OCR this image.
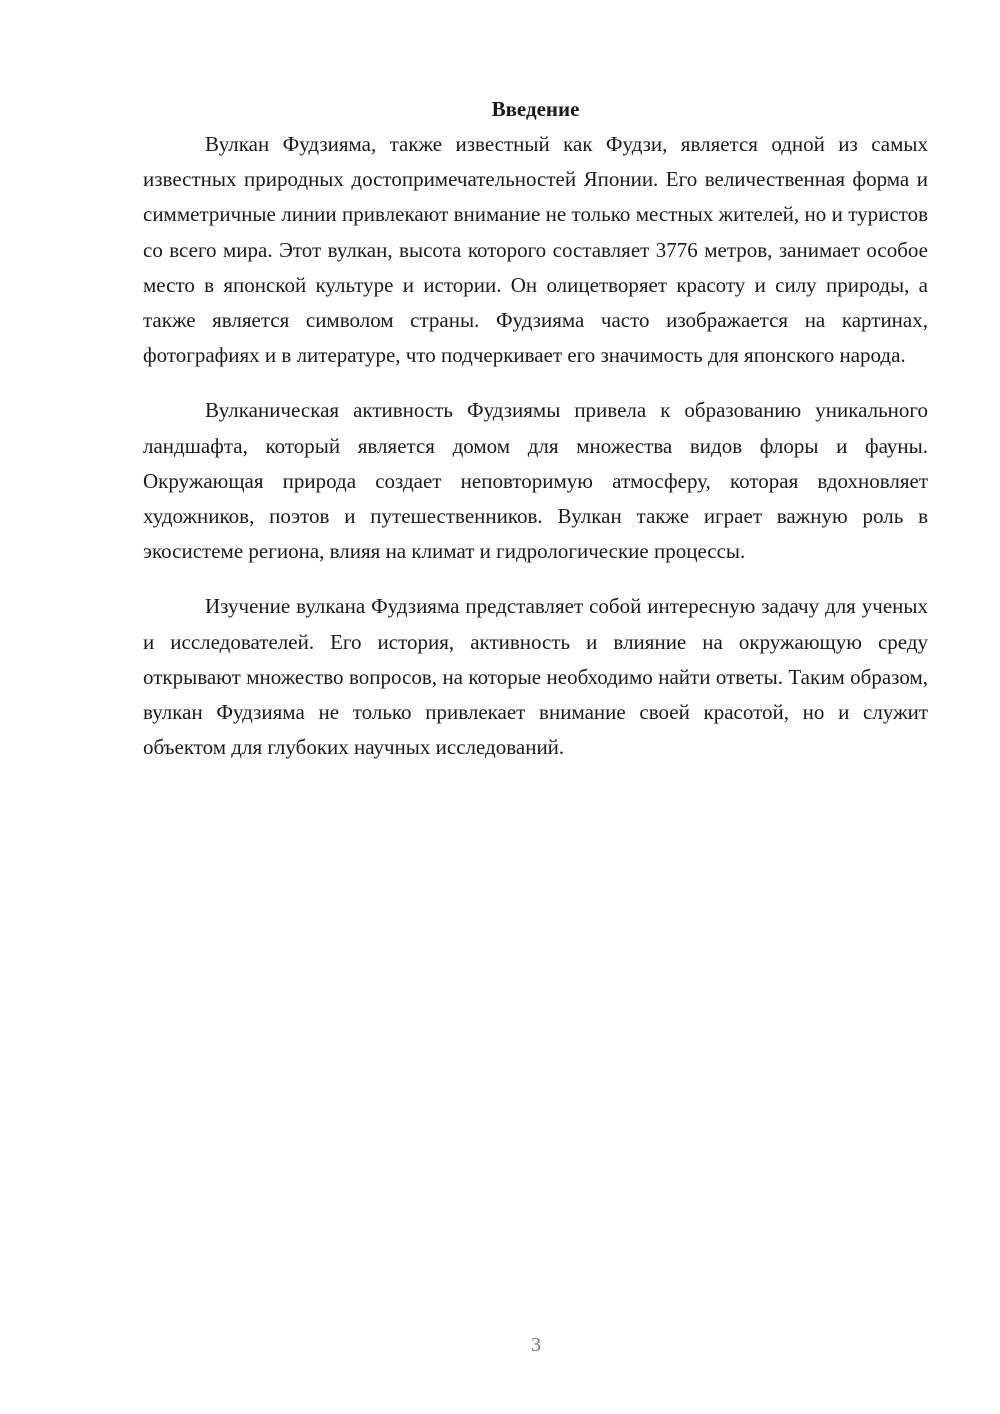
Введение

Вулкан Фудзияма, также известный как Фудзи, является одной из самых известных природных достопримечательностей Японии. Его величественная форма и симметричные линии привлекают внимание не только местных жителей, но и туристов со всего мира. Этот вулкан, высота которого составляет 3776 метров, занимает особое место в японской культуре и истории. Он олицетворяет красоту и силу природы, а также является символом страны. Фудзияма часто изображается на картинах, фотографиях и в литературе, что подчеркивает его значимость для японского народа.

Вулканическая активность Фудзиямы привела к образованию уникального ландшафта, который является домом для множества видов флоры и фауны. Окружающая природа создает неповторимую атмосферу, которая вдохновляет художников, поэтов и путешественников. Вулкан также играет важную роль в экосистеме региона, влияя на климат и гидрологические процессы.

Изучение вулкана Фудзияма представляет собой интересную задачу для ученых и исследователей. Его история, активность и влияние на окружающую среду открывают множество вопросов, на которые необходимо найти ответы. Таким образом, вулкан Фудзияма не только привлекает внимание своей красотой, но и служит объектом для глубоких научных исследований.

3
